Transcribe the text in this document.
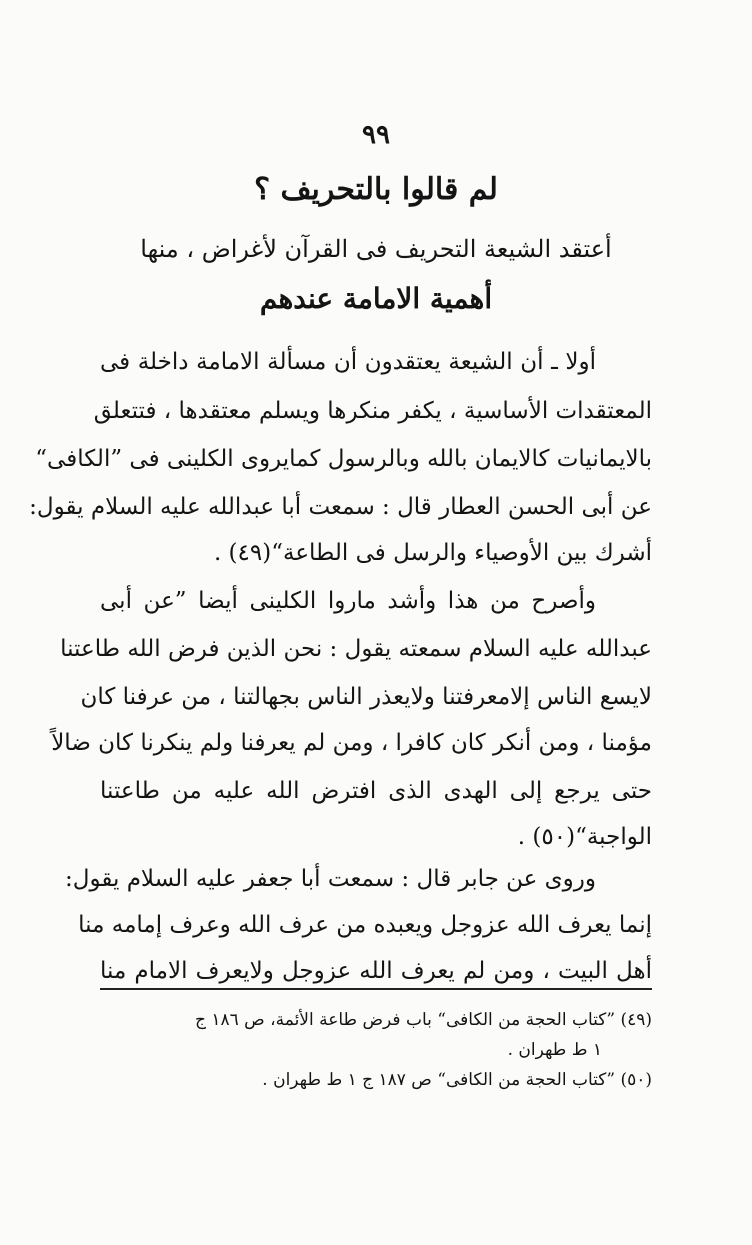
٩٩
لم قالوا بالتحريف ؟
أعتقد الشيعة التحريف فى القرآن لأغراض ، منها
أهمية الامامة عندهم
أولا ـ أن الشيعة يعتقدون أن مسألة الامامة داخلة فى
المعتقدات الأساسية ، يكفر منكرها ويسلم معتقدها ، فتتعلق
بالايمانيات كالايمان بالله وبالرسول كمايروى الكلينى فى ”الكافى“
عن أبى الحسن العطار قال : سمعت أبا عبدالله عليه السلام يقول:
أشرك بين الأوصياء والرسل فى الطاعة“(٤٩) .
وأصرح من هذا وأشد ماروا الكلينى أيضا ”عن أبى
عبدالله عليه السلام سمعته يقول : نحن الذين فرض الله طاعتنا
لايسع الناس إلامعرفتنا ولايعذر الناس بجهالتنا ، من عرفنا كان
مؤمنا ، ومن أنكر كان كافرا ، ومن لم يعرفنا ولم ينكرنا كان ضالاً
حتى يرجع إلى الهدى الذى افترض الله عليه من طاعتنا
الواجبة“(٥٠) .
وروى عن جابر قال : سمعت أبا جعفر عليه السلام يقول:
إنما يعرف الله عزوجل ويعبده من عرف الله وعرف إمامه منا
أهل البيت ، ومن لم يعرف الله عزوجل ولايعرف الامام منا
(٤٩) ”كتاب الحجة من الكافى“ باب فرض طاعة الأئمة، ص ١٨٦ ج
١ ط طهران .
(٥٠) ”كتاب الحجة من الكافى“ ص ١٨٧ ج ١ ط طهران .
